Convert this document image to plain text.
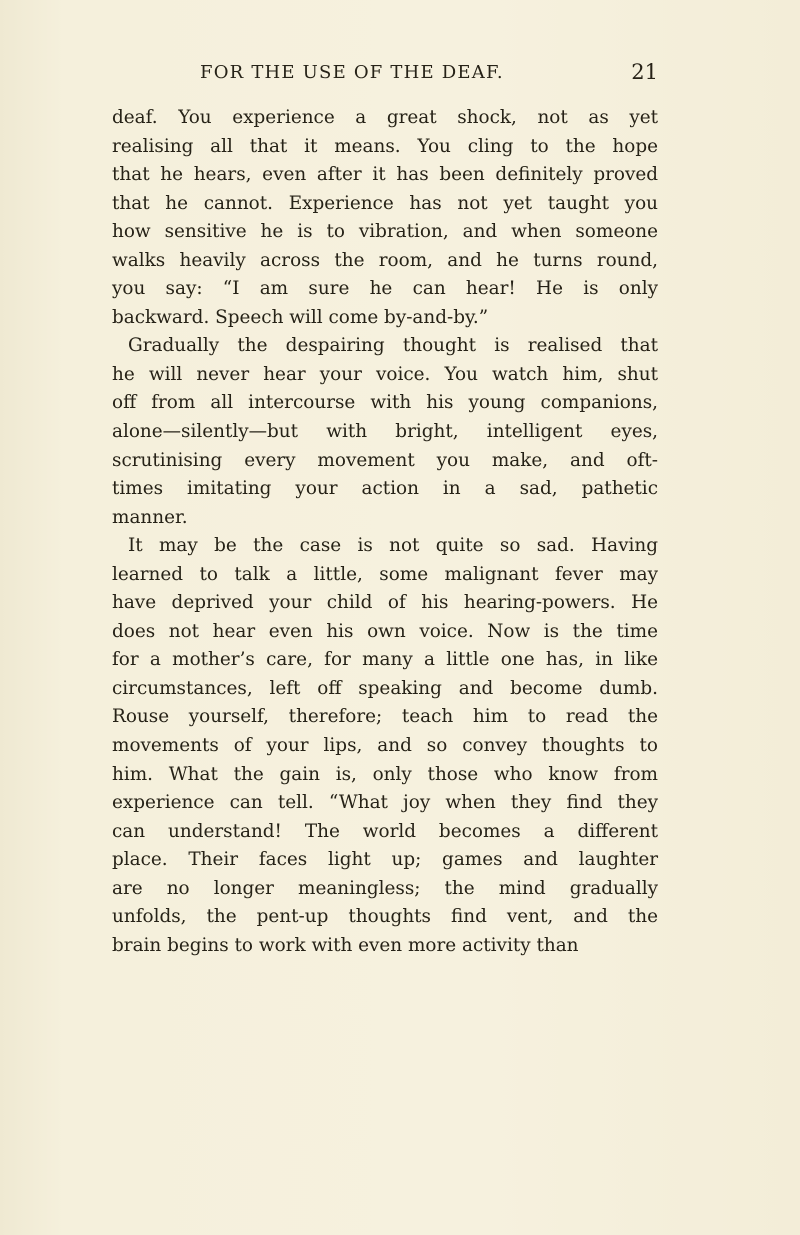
FOR THE USE OF THE DEAF.	21
deaf. You experience a great shock, not as yet
realising all that it means. You cling to the hope
that he hears, even after it has been definitely proved
that he cannot. Experience has not yet taught you
how sensitive he is to vibration, and when someone
walks heavily across the room, and he turns round,
you say: “I am sure he can hear! He is only
backward. Speech will come by-and-by.”
Gradually the despairing thought is realised that
he will never hear your voice. You watch him, shut
off from all intercourse with his young companions,
alone—silently—but with bright, intelligent eyes,
scrutinising every movement you make, and oft-
times imitating your action in a sad, pathetic
manner.
It may be the case is not quite so sad. Having
learned to talk a little, some malignant fever may
have deprived your child of his hearing-powers. He
does not hear even his own voice. Now is the time
for a mother’s care, for many a little one has, in like
circumstances, left off speaking and become dumb.
Rouse yourself, therefore; teach him to read the
movements of your lips, and so convey thoughts to
him. What the gain is, only those who know from
experience can tell. “What joy when they find they
can understand! The world becomes a different
place. Their faces light up; games and laughter
are no longer meaningless; the mind gradually
unfolds, the pent-up thoughts find vent, and the
brain begins to work with even more activity than
